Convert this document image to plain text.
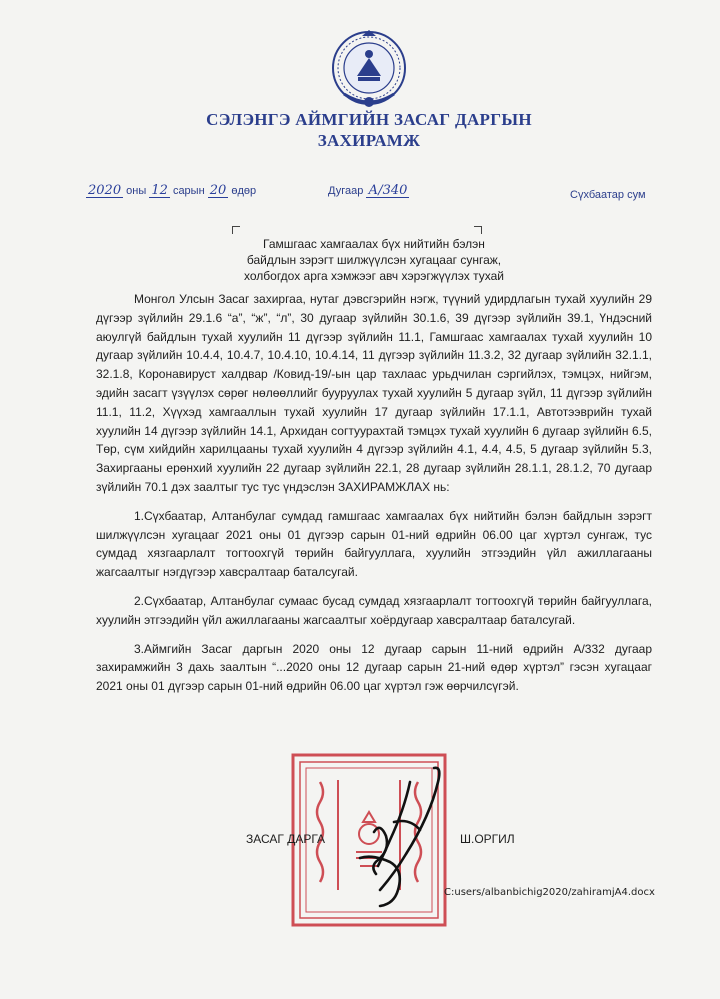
СЭЛЭНГЭ АЙМГИЙН ЗАСАГ ДАРГЫН
ЗАХИРАМЖ
2020 оны 12 сарын 20 өдөр	Дугаар А/340	Сүхбаатар сум
Гамшгаас хамгаалах бүх нийтийн бэлэн
байдлын зэрэгт шилжүүлсэн хугацааг сунгаж,
холбогдох арга хэмжээг авч хэрэгжүүлэх тухай

Монгол Улсын Засаг захиргаа, нутаг дэвсгэрийн нэгж, түүний удирдлагын тухай хуулийн 29 дүгээр зүйлийн 29.1.6 “а”, “ж”, “л”, 30 дугаар зүйлийн 30.1.6, 39 дүгээр зүйлийн 39.1, Үндэсний аюулгүй байдлын тухай хуулийн 11 дүгээр зүйлийн 11.1, Гамшгаас хамгаалах тухай хуулийн 10 дугаар зүйлийн 10.4.4, 10.4.7, 10.4.10, 10.4.14, 11 дүгээр зүйлийн 11.3.2, 32 дугаар зүйлийн 32.1.1, 32.1.8, Коронавируст халдвар /Ковид-19/-ын цар тахлаас урьдчилан сэргийлэх, тэмцэх, нийгэм, эдийн засагт үзүүлэх сөрөг нөлөөллийг бууруулах тухай хуулийн 5 дугаар зүйл, 11 дүгээр зүйлийн 11.1, 11.2, Хүүхэд хамгааллын тухай хуулийн 17 дугаар зүйлийн 17.1.1, Автотээврийн тухай хуулийн 14 дүгээр зүйлийн 14.1, Архидан согтуурахтай тэмцэх тухай хуулийн 6 дугаар зүйлийн 6.5, Төр, сүм хийдийн харилцааны тухай хуулийн 4 дүгээр зүйлийн 4.1, 4.4, 4.5, 5 дугаар зүйлийн 5.3, Захиргааны ерөнхий хуулийн 22 дугаар зүйлийн 22.1, 28 дугаар зүйлийн 28.1.1, 28.1.2, 70 дугаар зүйлийн 70.1 дэх заалтыг тус тус үндэслэн ЗАХИРАМЖЛАХ нь:

1.Сүхбаатар, Алтанбулаг сумдад гамшгаас хамгаалах бүх нийтийн бэлэн байдлын зэрэгт шилжүүлсэн хугацааг 2021 оны 01 дүгээр сарын 01-ний өдрийн 06.00 цаг хүртэл сунгаж, тус сумдад хязгаарлалт тогтоохгүй төрийн байгууллага, хуулийн этгээдийн үйл ажиллагааны жагсаалтыг нэгдүгээр хавсралтаар баталсугай.

2.Сүхбаатар, Алтанбулаг сумаас бусад сумдад хязгаарлалт тогтоохгүй төрийн байгууллага, хуулийн этгээдийн үйл ажиллагааны жагсаалтыг хоёрдугаар хавсралтаар баталсугай.

3.Аймгийн Засаг даргын 2020 оны 12 дугаар сарын 11-ний өдрийн А/332 дугаар захирамжийн 3 дахь заалтын “...2020 оны 12 дугаар сарын 21-ний өдөр хүртэл” гэсэн хугацааг 2021 оны 01 дүгээр сарын 01-ний өдрийн 06.00 цаг хүртэл гэж өөрчилсүгэй.

ЗАСАГ ДАРГА	Ш.ОРГИЛ
C:users/albanbichig2020/zahiramjA4.docx
